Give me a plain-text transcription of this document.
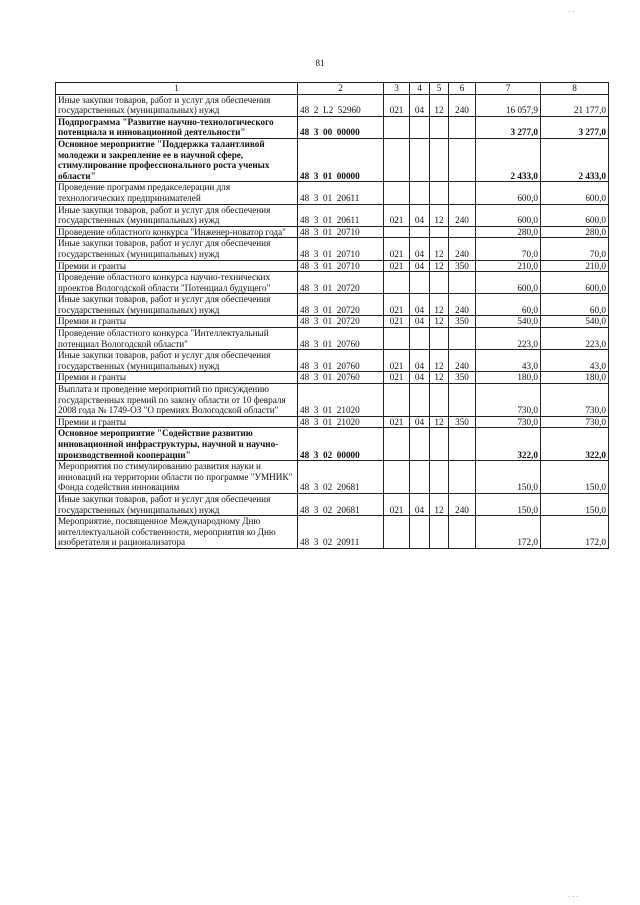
81
1	2	3	4	5	6	7	8
Иные закупки товаров, работ и услуг для обеспечения государственных (муниципальных) нужд	48  2  L2  52960	021	04	12	240	16 057,9	21 177,0
Подпрограмма "Развитие научно-технологического потенциала и инновационной деятельности"	48  3  00  00000					3 277,0	3 277,0
Основное мероприятие "Поддержка талантливой молодежи и закрепление ее в научной сфере, стимулирование профессионального роста ученых области"	48  3  01  00000					2 433,0	2 433,0
Проведение программ предакселерации для технологических предпринимателей	48  3  01  20611					600,0	600,0
Иные закупки товаров, работ и услуг для обеспечения государственных (муниципальных) нужд	48  3  01  20611	021	04	12	240	600,0	600,0
Проведение областного конкурса "Инженер-новатор года"	48  3  01  20710					280,0	280,0
Иные закупки товаров, работ и услуг для обеспечения государственных (муниципальных) нужд	48  3  01  20710	021	04	12	240	70,0	70,0
Премии и гранты	48  3  01  20710	021	04	12	350	210,0	210,0
Проведение областного конкурса научно-технических проектов Вологодской области "Потенциал будущего"	48  3  01  20720					600,0	600,0
Иные закупки товаров, работ и услуг для обеспечения государственных (муниципальных) нужд	48  3  01  20720	021	04	12	240	60,0	60,0
Премии и гранты	48  3  01  20720	021	04	12	350	540,0	540,0
Проведение областного конкурса "Интеллектуальный потенциал Вологодской области"	48  3  01  20760					223,0	223,0
Иные закупки товаров, работ и услуг для обеспечения государственных (муниципальных) нужд	48  3  01  20760	021	04	12	240	43,0	43,0
Премии и гранты	48  3  01  20760	021	04	12	350	180,0	180,0
Выплата и проведение мероприятий по присуждению государственных премий по закону области от 10 февраля 2008 года № 1749-ОЗ "О премиях Вологодской области"	48  3  01  21020					730,0	730,0
Премии и гранты	48  3  01  21020	021	04	12	350	730,0	730,0
Основное мероприятие "Содействие развитию инновационной инфраструктуры, научной и научно-производственной кооперации"	48  3  02  00000					322,0	322,0
Мероприятия по стимулированию развития науки и инноваций на территории области по программе "УМНИК" Фонда содействия инновациям	48  3  02  20681					150,0	150,0
Иные закупки товаров, работ и услуг для обеспечения государственных (муниципальных) нужд	48  3  02  20681	021	04	12	240	150,0	150,0
Мероприятие, посвященное Международному Дню интеллектуальной собственности, мероприятия ко Дню изобретателя и рационализатора	48  3  02  20911					172,0	172,0
· ·
· · ·
